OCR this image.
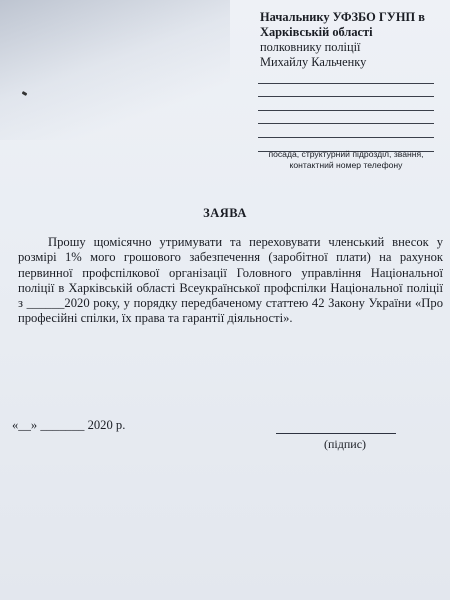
Начальнику УФЗБО ГУНП в
Харківській області
полковнику поліції
Михайлу Кальченку
посада, структурний підрозділ, звання,
контактний номер телефону
ЗАЯВА

Прошу щомісячно утримувати та переховувати членський внесок у розмірі 1% мого грошового забезпечення (заробітної плати) на рахунок первинної профспілкової організації Головного управління Національної поліції в Харківській області Всеукраїнської профспілки Національної поліції з ______2020 року, у порядку передбаченому статтею 42 Закону України «Про професійні спілки, їх права та гарантії діяльності».

«__» _______ 2020 р.
(підпис)
